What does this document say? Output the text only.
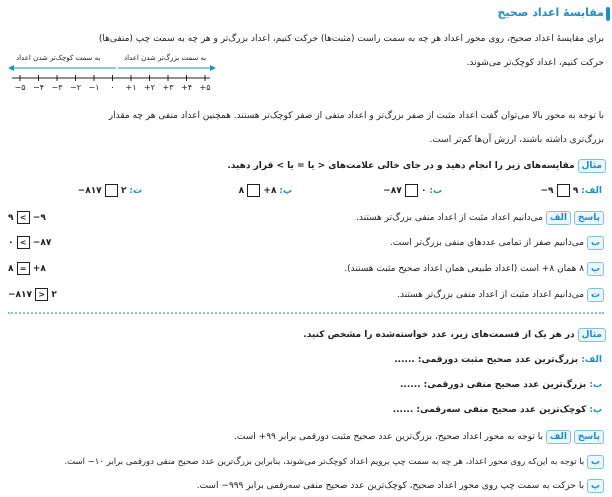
مقایسهٔ اعداد صحیح
برای مقایسهٔ اعداد صحیح، روی محور اعداد هر چه به سمت راست (مثبت‌ها) حرکت کنیم، اعداد بزرگ‌تر و هر چه به سمت چپ (منفی‌ها)
حرکت کنیم، اعداد کوچک‌تر می‌شوند.
به سمت کوچک‌تر شدن اعداد	به سمت بزرگ‌تر شدن اعداد
−۵ −۴ −۳ −۲ −۱	۰	+۱ +۲ +۳ +۴ +۵
با توجه به محور بالا می‌توان گفت اعداد مثبت از صفر بزرگ‌تر و اعداد منفی از صفر کوچک‌تر هستند. همچنین اعداد منفی هر چه مقدار
بزرگ‌تری داشته باشند، ارزش آن‌ها کم‌تر است.
مثال مقایسه‌های زیر را انجام دهید و در جای خالی علامت‌های < یا = یا > قرار دهید.
الف: −۹ ۹
ب: −۸۷ ۰
پ: ۸ +۸
ت: −۸۱۷ ۲
پاسخ الف می‌دانیم اعداد مثبت از اعداد منفی بزرگ‌تر هستند.
۹ < −۹
ب می‌دانیم صفر از تمامی عددهای منفی بزرگ‌تر است.
۰ < −۸۷
پ ۸ همان ۸+ است (اعداد طبیعی همان اعداد صحیح مثبت هستند).
۸ = +۸
ت می‌دانیم اعداد مثبت از اعداد منفی بزرگ‌تر هستند.
−۸۱۷ > ۲
مثال در هر یک از قسمت‌های زیر، عدد خواسته‌شده را مشخص کنید.
الف: بزرگ‌ترین عدد صحیح مثبت دورقمی: ......
ب: بزرگ‌ترین عدد صحیح منفی دورقمی: ......
پ: کوچک‌ترین عدد صحیح منفی سه‌رقمی: ......
پاسخ الف با توجه به محور اعداد صحیح، بزرگ‌ترین عدد صحیح مثبت دورقمی برابر ۹۹+ است.
ب با توجه به این‌که روی محور اعداد، هر چه به سمت چپ برویم اعداد کوچک‌تر می‌شوند، بنابراین بزرگ‌ترین عدد صحیح منفی دورقمی برابر ۱۰− است.
پ با حرکت به سمت چپ روی محور اعداد صحیح، کوچک‌ترین عدد صحیح منفی سه‌رقمی برابر ۹۹۹− است.
